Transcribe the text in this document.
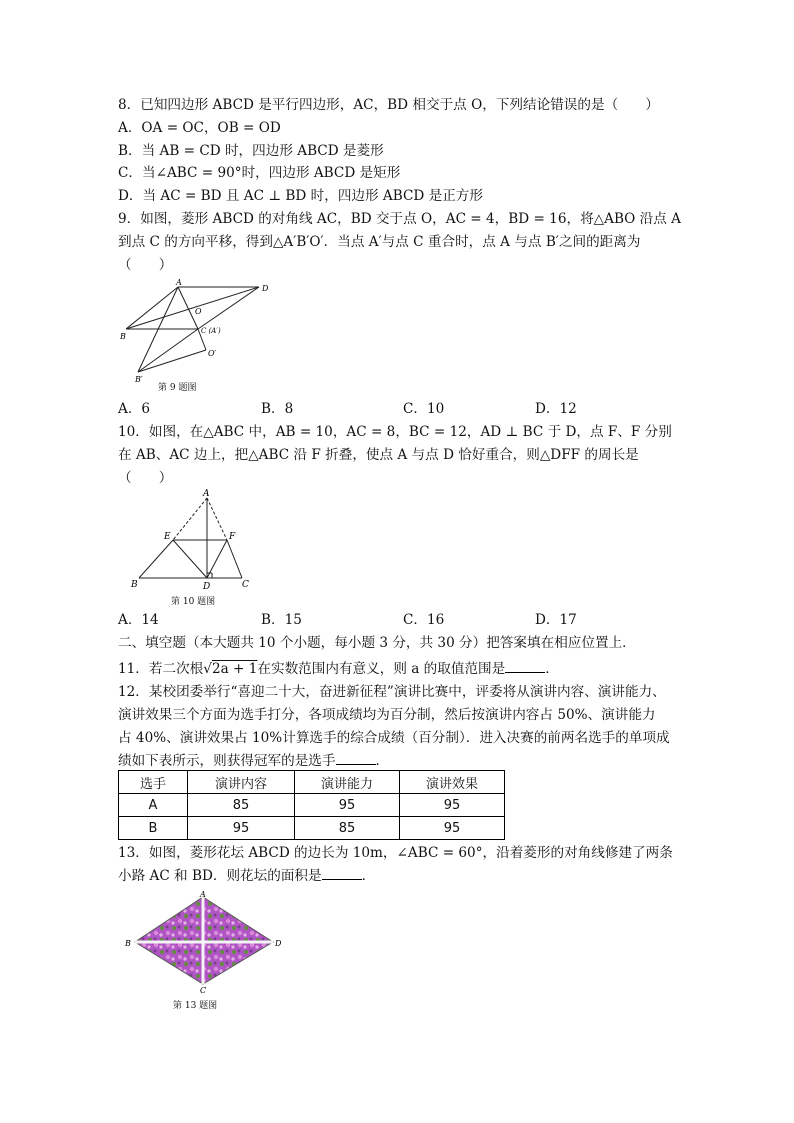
8．已知四边形 ABCD 是平行四边形，AC，BD 相交于点 O，下列结论错误的是（　　）
A．OA = OC，OB = OD
B．当 AB = CD 时，四边形 ABCD 是菱形
C．当∠ABC = 90°时，四边形 ABCD 是矩形
D．当 AC = BD 且 AC ⊥ BD 时，四边形 ABCD 是正方形
9．如图，菱形 ABCD 的对角线 AC，BD 交于点 O，AC = 4，BD = 16，将△ABO 沿点 A
到点 C 的方向平移，得到△A′B′O′．当点 A′与点 C 重合时，点 A 与点 B′之间的距离为
（　　）
A
D
O
B
C (A′)
O′
B′
第 9 题图
A．6	B．8	C．10	D．12
10．如图，在△ABC 中，AB = 10，AC = 8，BC = 12，AD ⊥ BC 于 D，点 F、F 分别
在 AB、AC 边上，把△ABC 沿 F 折叠，使点 A 与点 D 恰好重合，则△DFF 的周长是
（　　）
A
E	F
B	D	C
第 10 题图
A．14	B．15	C．16	D．17
二、填空题（本大题共 10 个小题，每小题 3 分，共 30 分）把答案填在相应位置上．
11．若二次根√2a + 1在实数范围内有意义，则 a 的取值范围是	．
12．某校团委举行“喜迎二十大，奋进新征程”演讲比赛中，评委将从演讲内容、演讲能力、
演讲效果三个方面为选手打分，各项成绩均为百分制，然后按演讲内容占 50%、演讲能力
占 40%、演讲效果占 10%计算选手的综合成绩（百分制）．进入决赛的前两名选手的单项成
绩如下表所示，则获得冠军的是选手	．
选手	演讲内容	演讲能力	演讲效果
A	85	95	95
B	95	85	95
13．如图，菱形花坛 ABCD 的边长为 10m，∠ABC = 60°，沿着菱形的对角线修建了两条
小路 AC 和 BD．则花坛的面积是	．
A
B	D
C
第 13 题图
